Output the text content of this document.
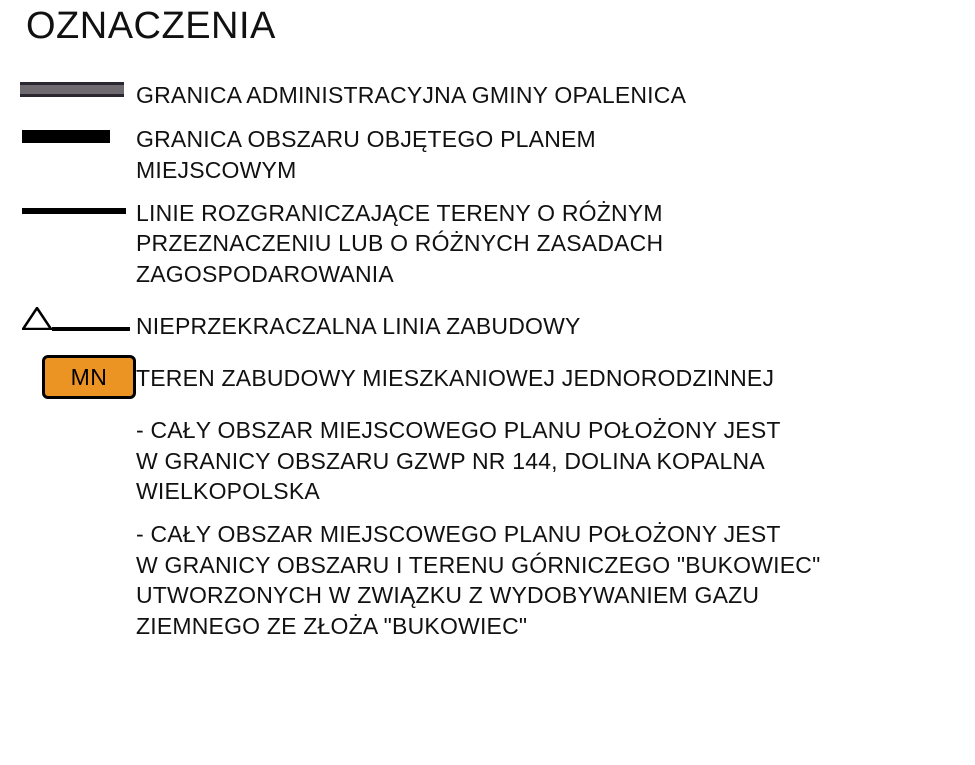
OZNACZENIA
GRANICA ADMINISTRACYJNA GMINY OPALENICA
GRANICA OBSZARU OBJĘTEGO PLANEM
MIEJSCOWYM
LINIE ROZGRANICZAJĄCE TERENY O RÓŻNYM
PRZEZNACZENIU LUB O RÓŻNYCH ZASADACH
ZAGOSPODAROWANIA
NIEPRZEKRACZALNA LINIA ZABUDOWY
MN TEREN ZABUDOWY MIESZKANIOWEJ JEDNORODZINNEJ
- CAŁY OBSZAR MIEJSCOWEGO PLANU POŁOŻONY JEST
W GRANICY OBSZARU GZWP NR 144, DOLINA KOPALNA
WIELKOPOLSKA
- CAŁY OBSZAR MIEJSCOWEGO PLANU POŁOŻONY JEST
W GRANICY OBSZARU I TERENU GÓRNICZEGO "BUKOWIEC"
UTWORZONYCH W ZWIĄZKU Z WYDOBYWANIEM GAZU
ZIEMNEGO ZE ZŁOŻA "BUKOWIEC"
